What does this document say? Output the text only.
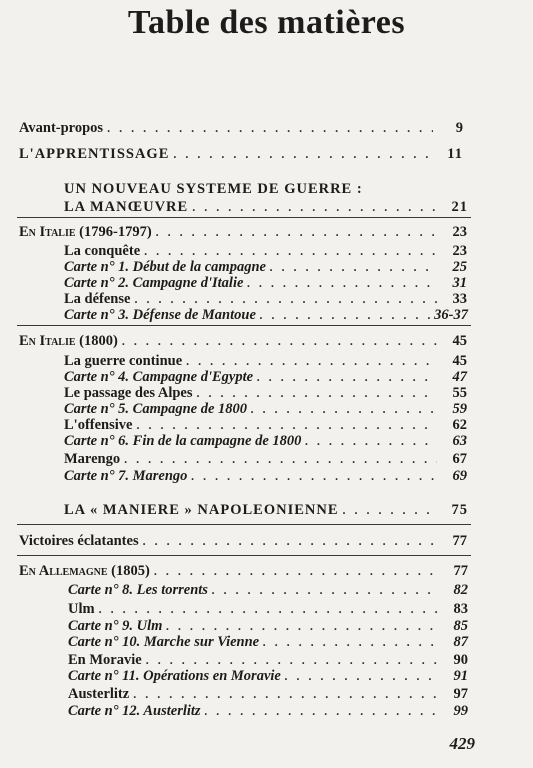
Table des matières
Avant-propos . . .	9
L'APPRENTISSAGE . . .	11
UN NOUVEAU SYSTEME DE GUERRE :
LA MANŒUVRE . . .	21
En Italie (1796-1797) . . .	23
La conquête . . .	23
Carte n° 1. Début de la campagne . . .	25
Carte n° 2. Campagne d'Italie . . .	31
La défense . . .	33
Carte n° 3. Défense de Mantoue . . .	36-37
En Italie (1800) . . .	45
La guerre continue . . .	45
Carte n° 4. Campagne d'Egypte . . .	47
Le passage des Alpes . . .	55
Carte n° 5. Campagne de 1800 . . .	59
L'offensive . . .	62
Carte n° 6. Fin de la campagne de 1800 . . .	63
Marengo . . .	67
Carte n° 7. Marengo . . .	69
LA « MANIERE » NAPOLEONIENNE . . .	75
Victoires éclatantes . . .	77
En Allemagne (1805) . . .	77
Carte n° 8. Les torrents . . .	82
Ulm . . .	83
Carte n° 9. Ulm . . .	85
Carte n° 10. Marche sur Vienne . . .	87
En Moravie . . .	90
Carte n° 11. Opérations en Moravie . . .	91
Austerlitz . . .	97
Carte n° 12. Austerlitz . . .	99
429
